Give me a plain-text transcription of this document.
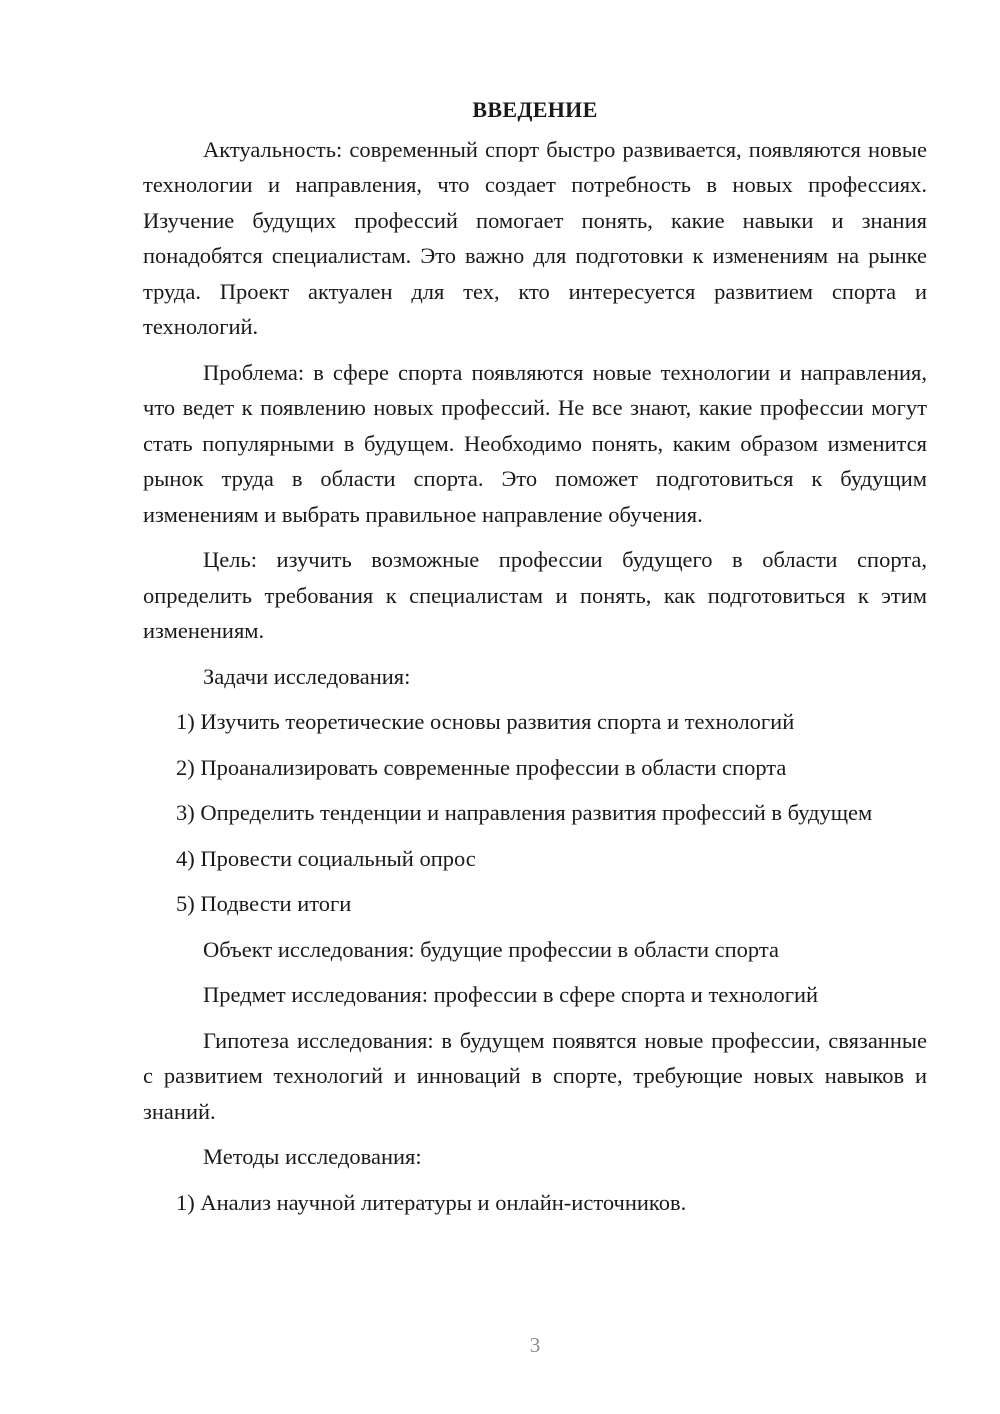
ВВЕДЕНИЕ

Актуальность: современный спорт быстро развивается, появляются новые технологии и направления, что создает потребность в новых профессиях. Изучение будущих профессий помогает понять, какие навыки и знания понадобятся специалистам. Это важно для подготовки к изменениям на рынке труда. Проект актуален для тех, кто интересуется развитием спорта и технологий.

Проблема: в сфере спорта появляются новые технологии и направления, что ведет к появлению новых профессий. Не все знают, какие профессии могут стать популярными в будущем. Необходимо понять, каким образом изменится рынок труда в области спорта. Это поможет подготовиться к будущим изменениям и выбрать правильное направление обучения.

Цель: изучить возможные профессии будущего в области спорта, определить требования к специалистам и понять, как подготовиться к этим изменениям.

Задачи исследования:
1) Изучить теоретические основы развития спорта и технологий
2) Проанализировать современные профессии в области спорта

3) Определить тенденции и направления развития профессий в будущем

4) Провести социальный опрос
5) Подвести итоги
Объект исследования: будущие профессии в области спорта
Предмет исследования: профессии в сфере спорта и технологий

Гипотеза исследования: в будущем появятся новые профессии, связанные с развитием технологий и инноваций в спорте, требующие новых навыков и знаний.

Методы исследования:
1) Анализ научной литературы и онлайн-источников.
3
